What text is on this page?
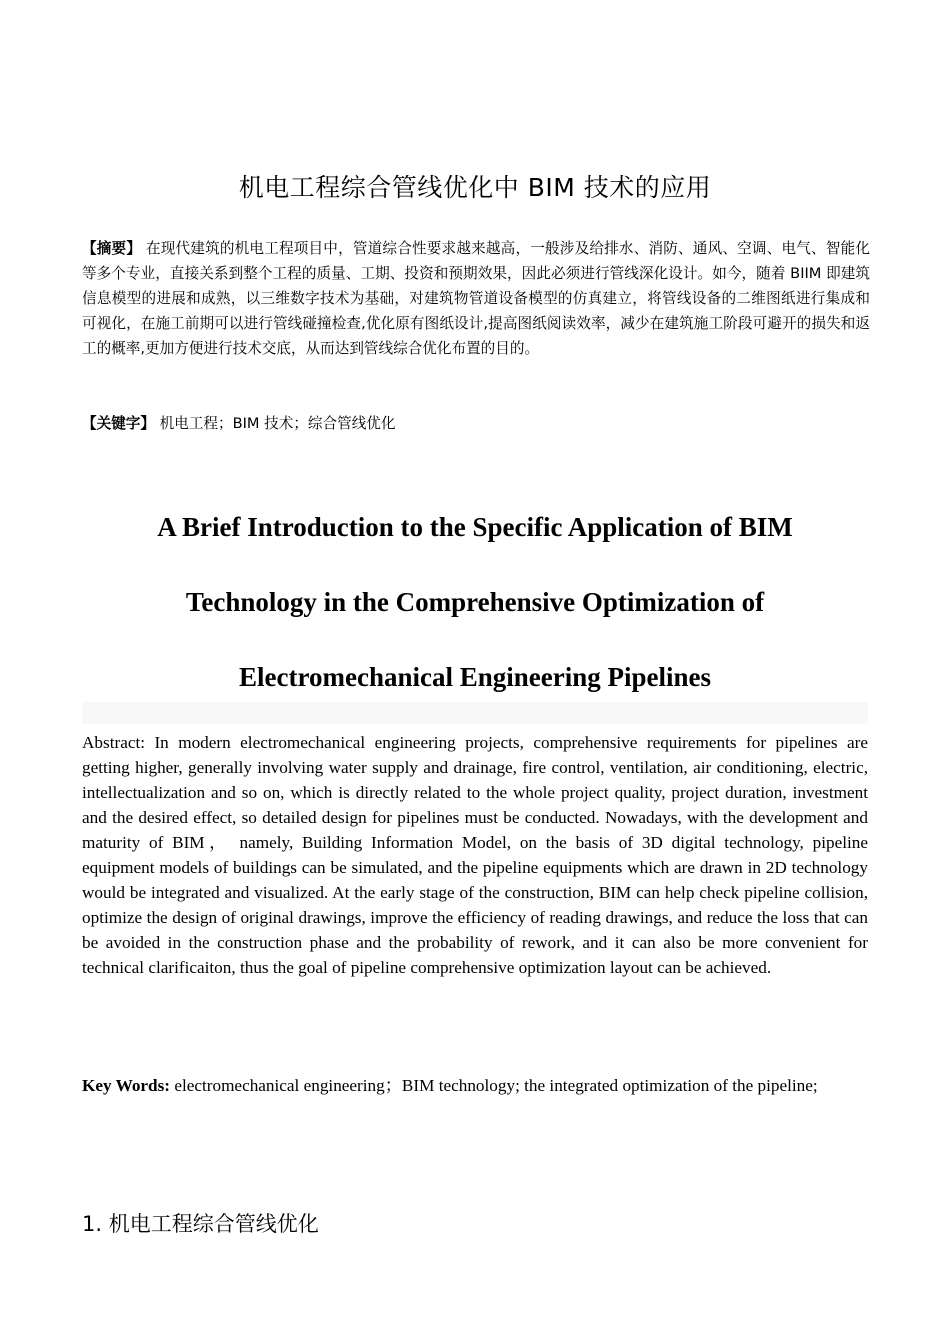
机电工程综合管线优化中 BIM 技术的应用
【摘要】 在现代建筑的机电工程项目中，管道综合性要求越来越高，一般涉及给排水、消防、通风、空调、电气、智能化等多个专业，直接关系到整个工程的质量、工期、投资和预期效果，因此必须进行管线深化设计。如今，随着 BIIM 即建筑信息模型的进展和成熟，以三维数字技术为基础，对建筑物管道设备模型的仿真建立，将管线设备的二维图纸进行集成和可视化，在施工前期可以进行管线碰撞检查,优化原有图纸设计,提高图纸阅读效率，减少在建筑施工阶段可避开的损失和返工的概率,更加方便进行技术交底，从而达到管线综合优化布置的目的。
【关键字】 机电工程；BIM 技术；综合管线优化
A Brief Introduction to the Specific Application of BIM
Technology in the Comprehensive Optimization of
Electromechanical Engineering Pipelines
Abstract: In modern electromechanical engineering projects, comprehensive requirements for pipelines are getting higher, generally involving water supply and drainage, fire control, ventilation, air conditioning, electric, intellectualization and so on, which is directly related to the whole project quality, project duration, investment and the desired effect, so detailed design for pipelines must be conducted. Nowadays, with the development and maturity of BIM， namely, Building Information Model, on the basis of 3D digital technology, pipeline equipment models of buildings can be simulated, and the pipeline equipments which are drawn in 2D technology would be integrated and visualized. At the early stage of the construction, BIM can help check pipeline collision, optimize the design of original drawings, improve the efficiency of reading drawings, and reduce the loss that can be avoided in the construction phase and the probability of rework, and it can also be more convenient for technical clarificaiton, thus the goal of pipeline comprehensive optimization layout can be achieved.
Key Words: electromechanical engineering；BIM technology; the integrated optimization of the pipeline;
1. 机电工程综合管线优化
